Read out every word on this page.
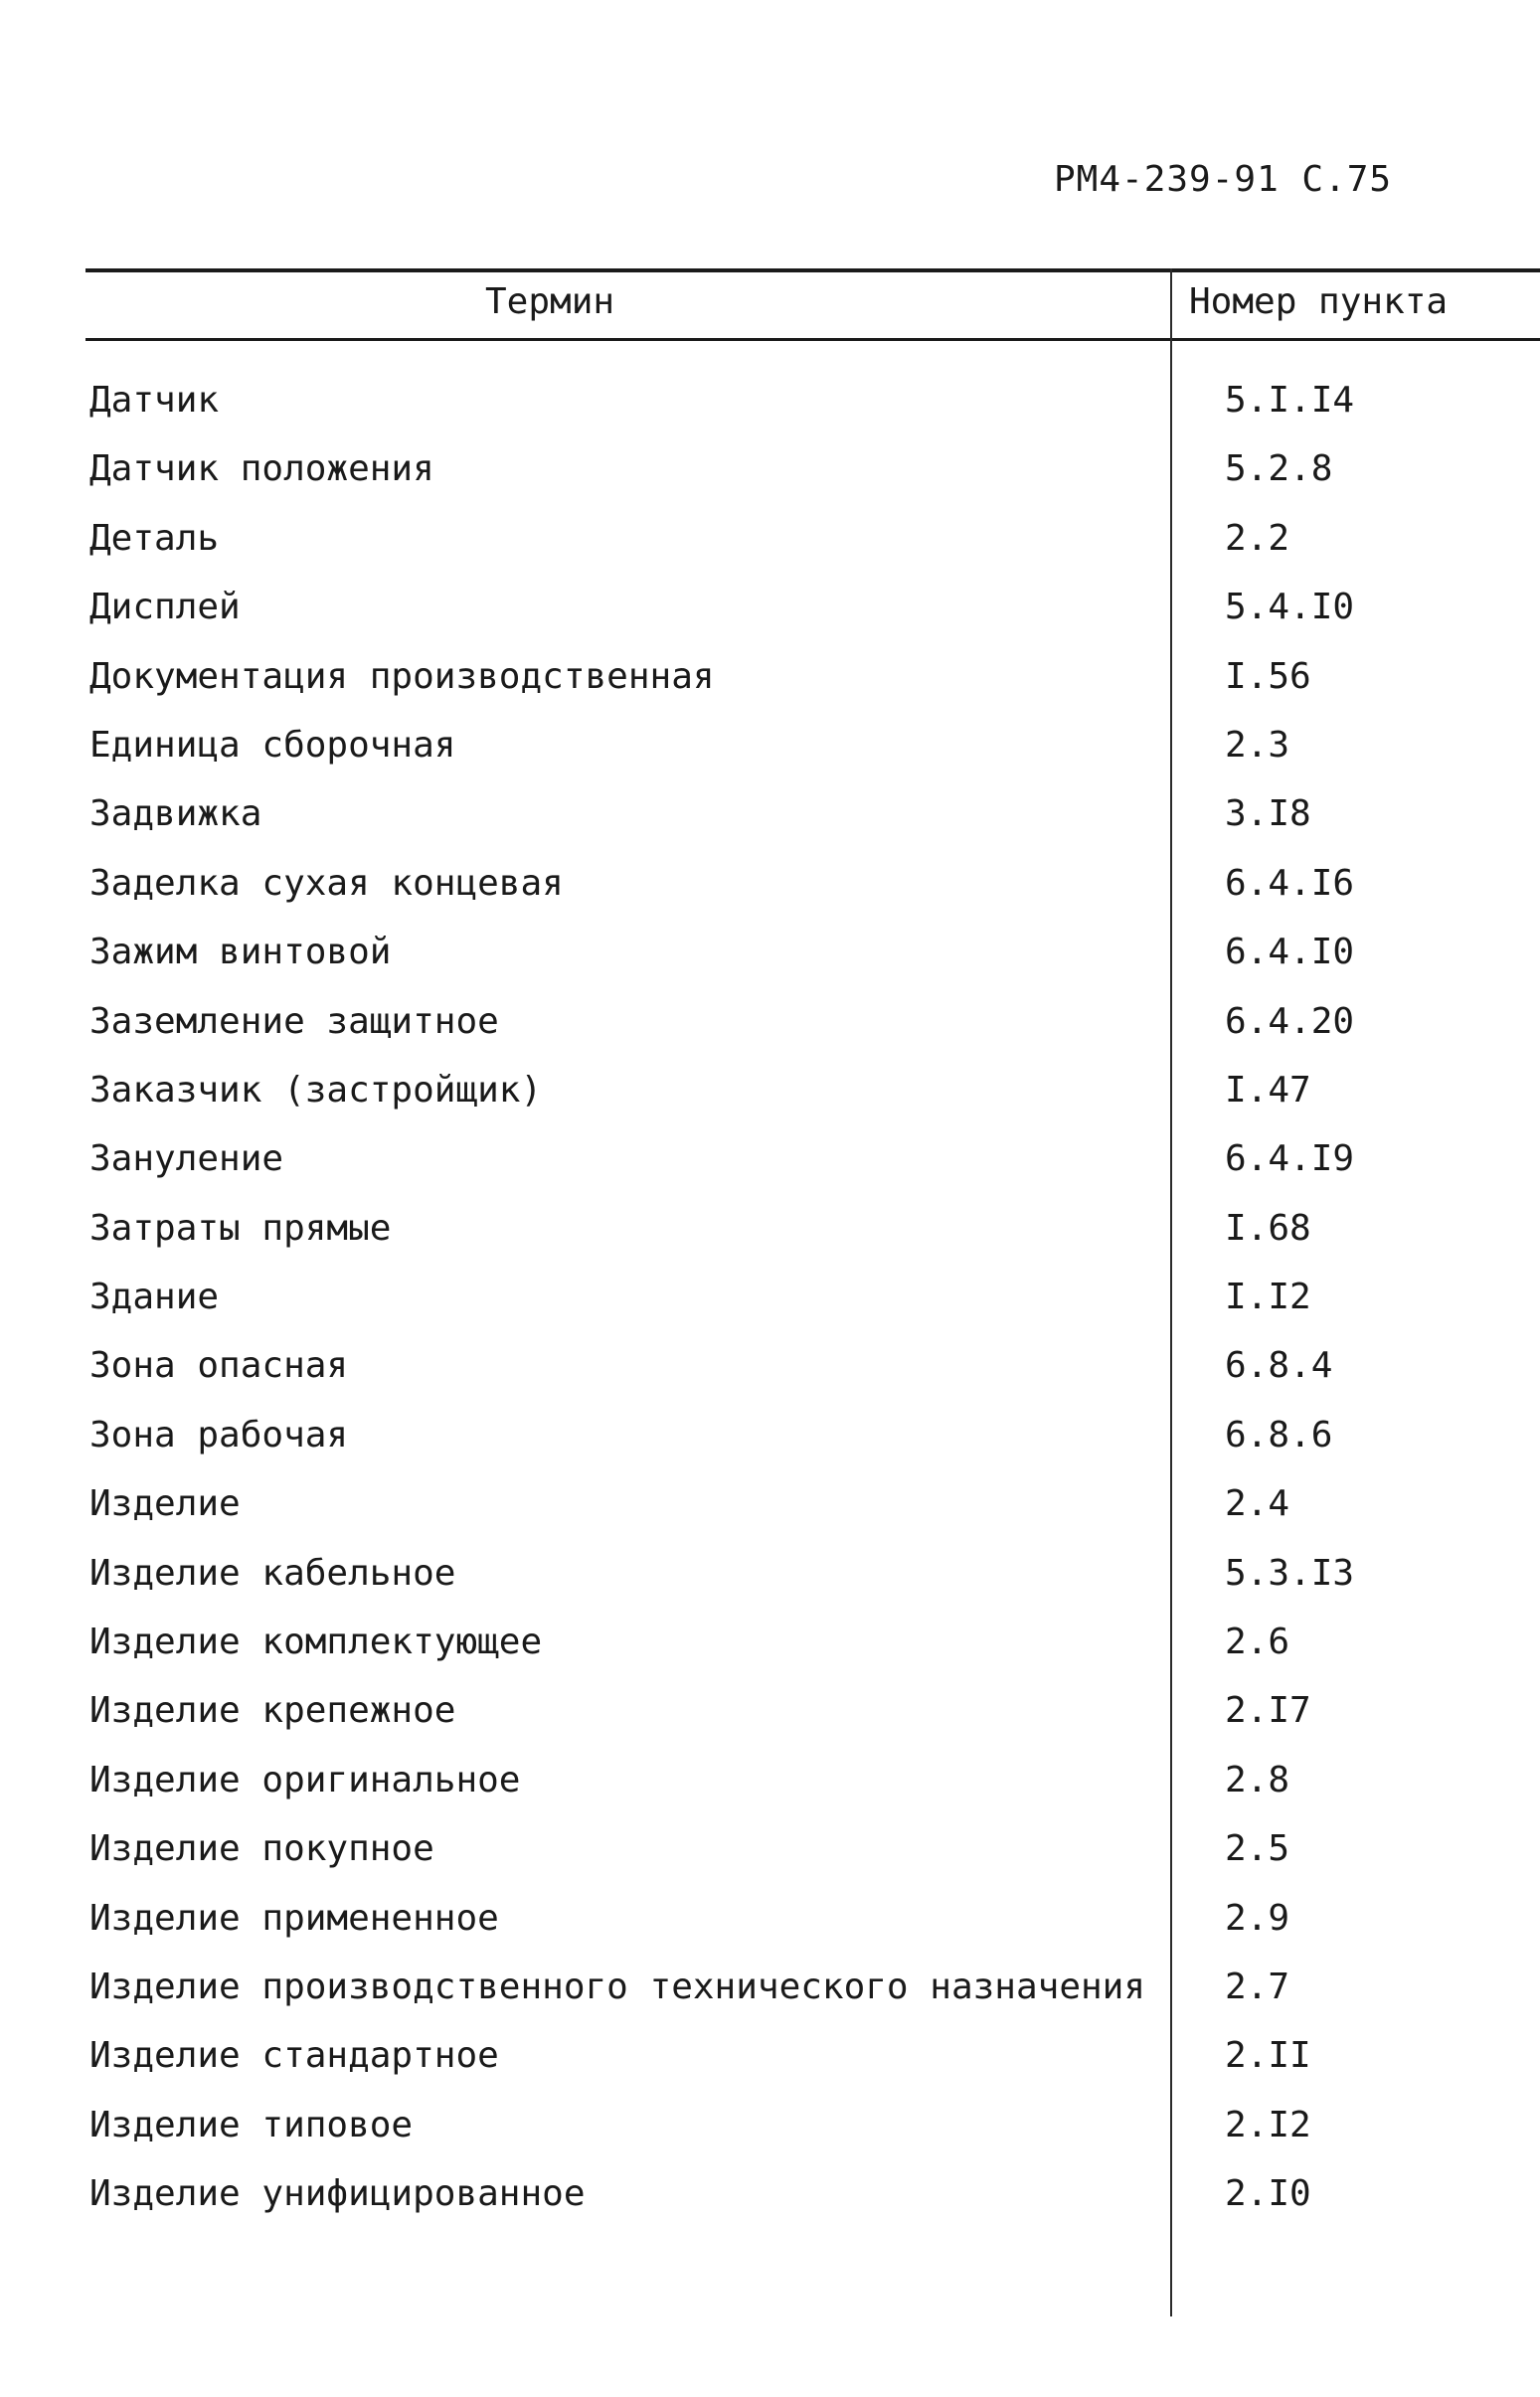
РМ4-239-91 С.75
Термин	Номер пункта
Датчик	5.I.I4
Датчик положения	5.2.8
Деталь	2.2
Дисплей	5.4.I0
Документация производственная	I.56
Единица сборочная	2.3
Задвижка	3.I8
Заделка сухая концевая	6.4.I6
Зажим винтовой	6.4.I0
Заземление защитное	6.4.20
Заказчик (застройщик)	I.47
Зануление	6.4.I9
Затраты прямые	I.68
Здание	I.I2
Зона опасная	6.8.4
Зона рабочая	6.8.6
Изделие	2.4
Изделие кабельное	5.3.I3
Изделие комплектующее	2.6
Изделие крепежное	2.I7
Изделие оригинальное	2.8
Изделие покупное	2.5
Изделие примененное	2.9
Изделие производственного технического назначения 2.7
Изделие стандартное	2.II
Изделие типовое	2.I2
Изделие унифицированное	2.I0
